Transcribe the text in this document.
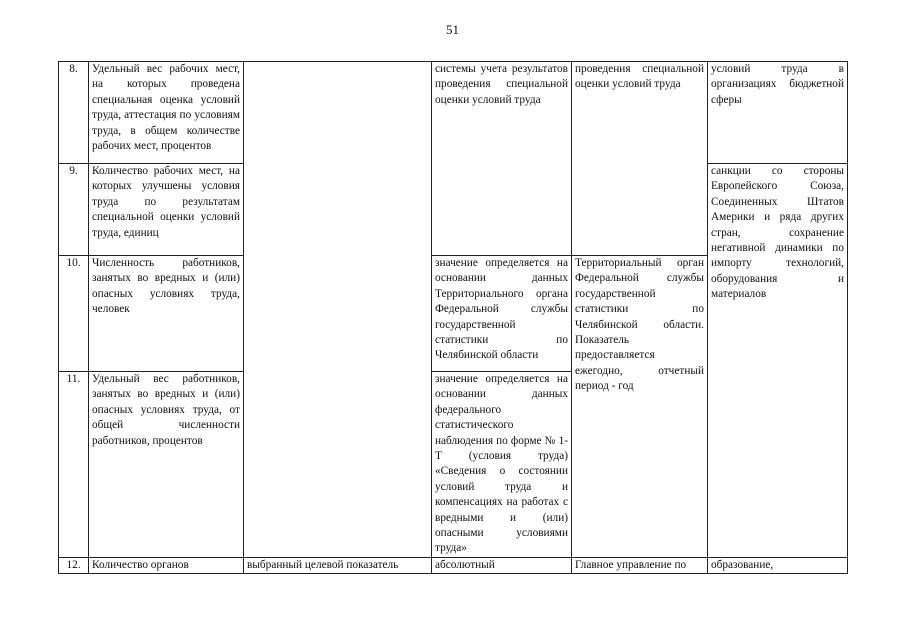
51
8.	Удельный вес рабочих мест, на которых проведена специальная оценка условий труда, аттестация по условиям труда, в общем количестве рабочих мест, процентов		системы учета результатов проведения специальной оценки условий труда	проведения специальной оценки условий труда	условий труда в организациях бюджетной сферы
9.	Количество рабочих мест, на которых улучшены условия труда по результатам специальной оценки условий труда, единиц				санкции со стороны Европейского Союза, Соединенных Штатов Америки и ряда других стран, сохранение негативной динамики по импорту технологий, оборудования и материалов
10.	Численность работников, занятых во вредных и (или) опасных условиях труда, человек		значение определяется на основании данных Территориального органа Федеральной службы государственной статистики по Челябинской области	Территориальный орган Федеральной службы государственной статистики по Челябинской области. Показатель предоставляется ежегодно, отчетный период - год	
11.	Удельный вес работников, занятых во вредных и (или) опасных условиях труда, от общей численности работников, процентов		значение определяется на основании данных федерального статистического наблюдения по форме № 1-Т (условия труда) «Сведения о состоянии условий труда и компенсациях на работах с вредными и (или) опасными условиями труда»		
12.	Количество органов	выбранный целевой показатель	абсолютный	Главное управление по	образование,
